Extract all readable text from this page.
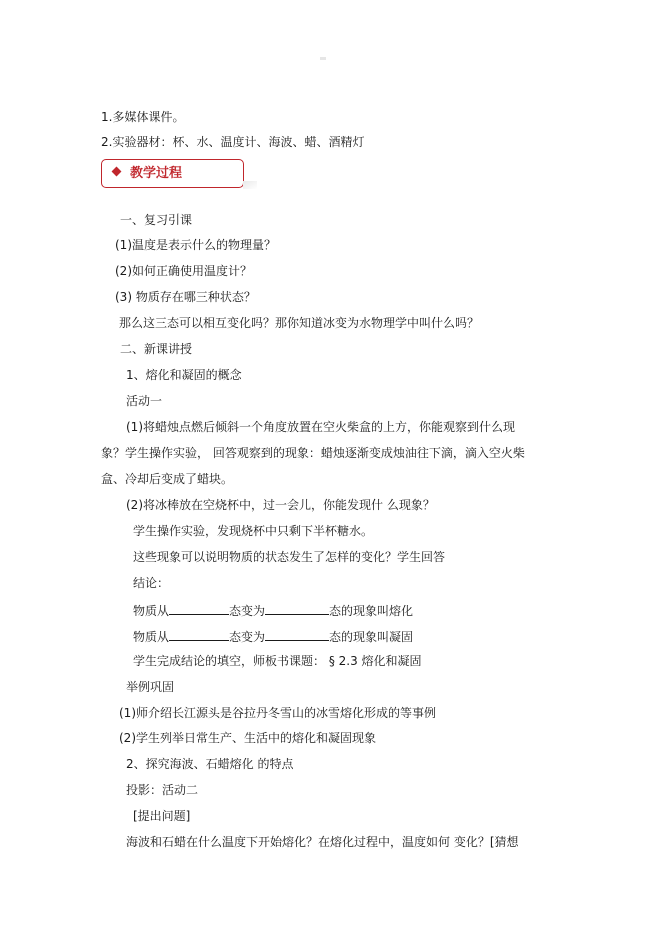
1.多媒体课件。
2.实验器材：杯、水、温度计、海波、蜡、酒精灯
教学过程
一、复习引课
(1)温度是表示什么的物理量？
(2)如何正确使用温度计？
(3) 物质存在哪三种状态？
那么这三态可以相互变化吗？那你知道冰变为水物理学中叫什么吗？
二、新课讲授
1、熔化和凝固的概念
活动一
(1)将蜡烛点燃后倾斜一个角度放置在空火柴盒的上方，你能观察到什么现
象？学生操作实验， 回答观察到的现象：蜡烛逐渐变成烛油往下滴，滴入空火柴
盒、冷却后变成了蜡块。
(2)将冰棒放在空烧杯中，过一会儿，你能发现什 么现象？
学生操作实验，发现烧杯中只剩下半杯糖水。
这些现象可以说明物质的状态发生了怎样的变化？学生回答
结论：
物质从	态变为	态的现象叫熔化
物质从	态变为	态的现象叫凝固
学生完成结论的填空，师板书课题： § 2.3 熔化和凝固
举例巩固
(1)师介绍长江源头是谷拉丹冬雪山的冰雪熔化形成的等事例
(2)学生列举日常生产、生活中的熔化和凝固现象
2、探究海波、石蜡熔化 的特点
投影：活动二
[提出问题]
海波和石蜡在什么温度下开始熔化？在熔化过程中，温度如何 变化？[猜想
